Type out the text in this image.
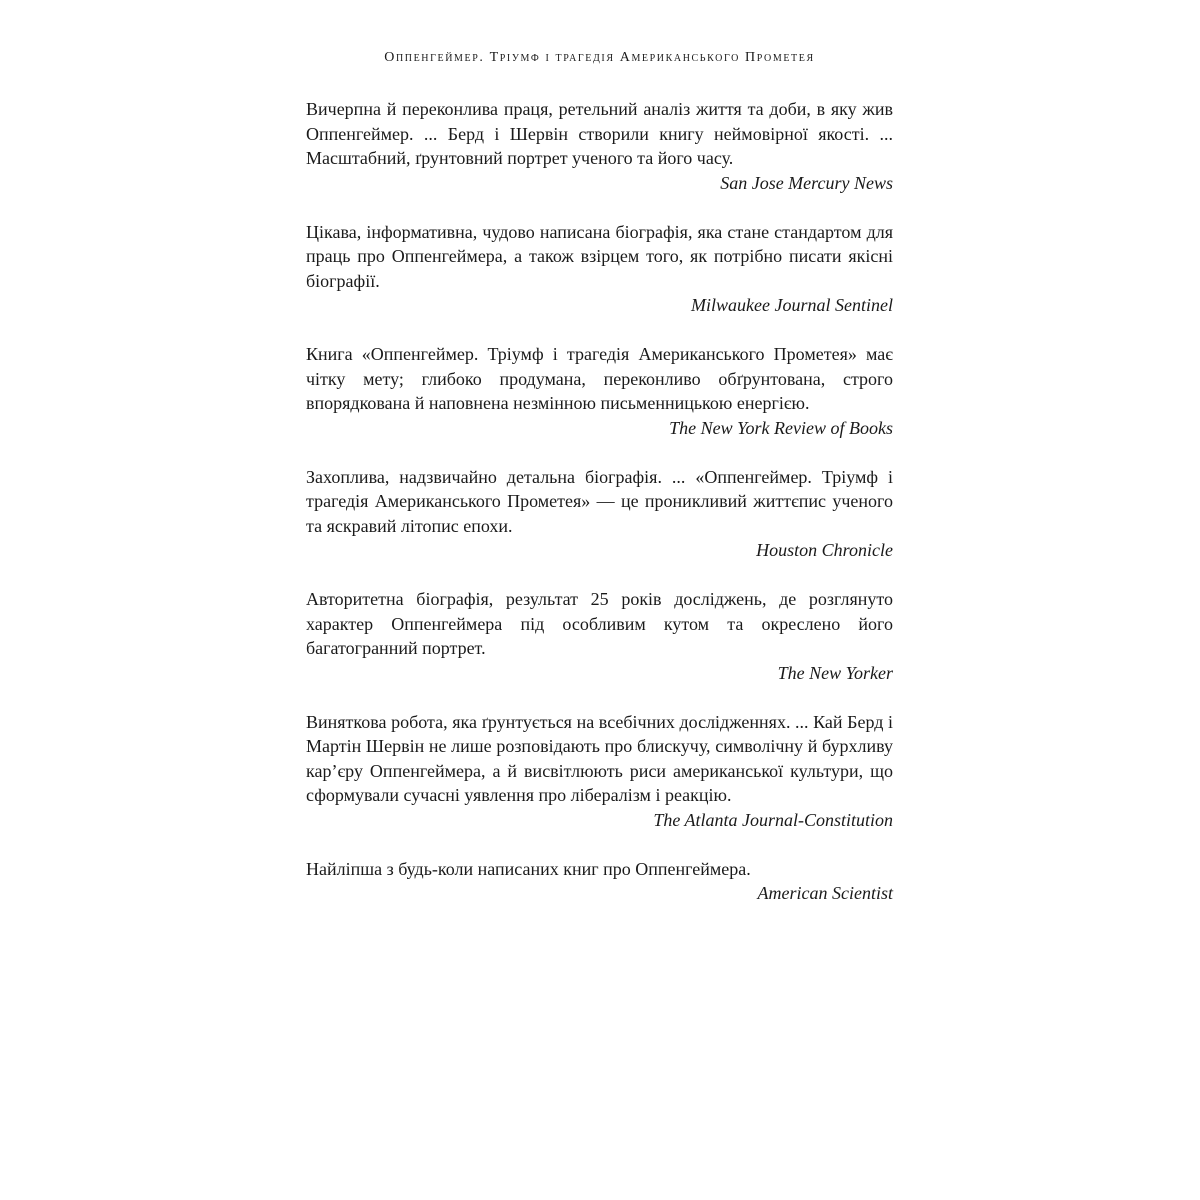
Оппенгеймер. Тріумф і трагедія Американського Прометея

Вичерпна й переконлива праця, ретельний аналіз життя та доби, в яку жив Оппенгеймер. ... Берд і Шервін створили книгу неймовірної якості. ... Масштабний, ґрунтовний портрет ученого та його часу.

San Jose Mercury News

Цікава, інформативна, чудово написана біографія, яка стане стандартом для праць про Оппенгеймера, а також взірцем того, як потрібно писати якісні біографії.

Milwaukee Journal Sentinel

Книга «Оппенгеймер. Тріумф і трагедія Американського Прометея» має чітку мету; глибоко продумана, переконливо обґрунтована, строго впорядкована й наповнена незмінною письменницькою енергією.

The New York Review of Books

Захоплива, надзвичайно детальна біографія. ... «Оппенгеймер. Тріумф і трагедія Американського Прометея» — це проникливий життєпис ученого та яскравий літопис епохи.

Houston Chronicle

Авторитетна біографія, результат 25 років досліджень, де розглянуто характер Оппенгеймера під особливим кутом та окреслено його багатогранний портрет.

The New Yorker

Виняткова робота, яка ґрунтується на всебічних дослідженнях. ... Кай Берд і Мартін Шервін не лише розповідають про блискучу, символічну й бурхливу кар’єру Оппенгеймера, а й висвітлюють риси американської культури, що сформували сучасні уявлення про лібералізм і реакцію.

The Atlanta Journal-Constitution

Найліпша з будь-коли написаних книг про Оппенгеймера.

American Scientist
